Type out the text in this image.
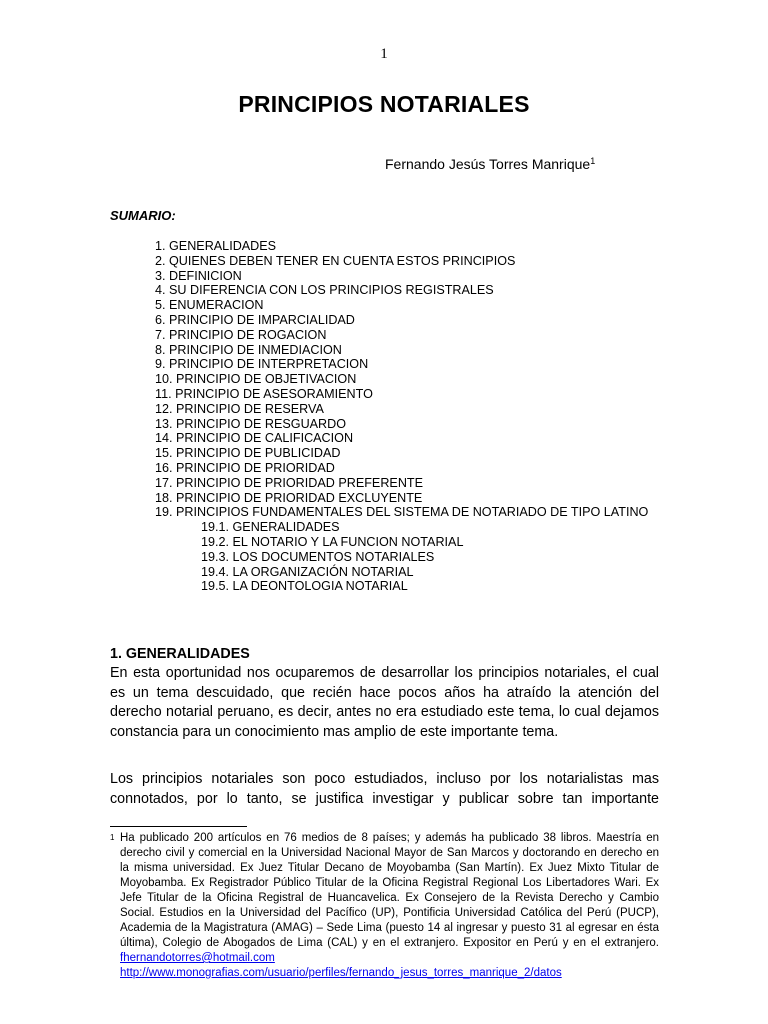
1
PRINCIPIOS NOTARIALES
Fernando Jesús Torres Manrique$^1$
SUMARIO:
1. GENERALIDADES
2. QUIENES DEBEN TENER EN CUENTA ESTOS PRINCIPIOS
3. DEFINICION
4. SU DIFERENCIA CON LOS PRINCIPIOS REGISTRALES
5. ENUMERACION
6. PRINCIPIO DE IMPARCIALIDAD
7. PRINCIPIO DE ROGACION
8. PRINCIPIO DE INMEDIACION
9. PRINCIPIO DE INTERPRETACION
10. PRINCIPIO DE OBJETIVACION
11. PRINCIPIO DE ASESORAMIENTO
12. PRINCIPIO DE RESERVA
13. PRINCIPIO DE RESGUARDO
14. PRINCIPIO DE CALIFICACION
15. PRINCIPIO DE PUBLICIDAD
16. PRINCIPIO DE PRIORIDAD
17. PRINCIPIO DE PRIORIDAD PREFERENTE
18. PRINCIPIO DE PRIORIDAD EXCLUYENTE
19. PRINCIPIOS FUNDAMENTALES DEL SISTEMA DE NOTARIADO DE TIPO LATINO
19.1. GENERALIDADES
19.2. EL NOTARIO Y LA FUNCION NOTARIAL
19.3. LOS DOCUMENTOS NOTARIALES
19.4. LA ORGANIZACIÓN NOTARIAL
19.5. LA DEONTOLOGIA NOTARIAL
1. GENERALIDADES

En esta oportunidad nos ocuparemos de desarrollar los principios notariales, el cual es un tema descuidado, que recién hace pocos años ha atraído la atención del derecho notarial peruano, es decir, antes no era estudiado este tema, lo cual dejamos constancia para un conocimiento mas amplio de este importante tema.

Los principios notariales son poco estudiados, incluso por los notarialistas mas connotados, por lo tanto, se justifica investigar y publicar sobre tan importante

1 Ha publicado 200 artículos en 76 medios de 8 países; y además ha publicado 38 libros. Maestría en derecho civil y comercial en la Universidad Nacional Mayor de San Marcos y doctorando en derecho en la misma universidad. Ex Juez Titular Decano de Moyobamba (San Martín). Ex Juez Mixto Titular de Moyobamba. Ex Registrador Público Titular de la Oficina Registral Regional Los Libertadores Wari. Ex Jefe Titular de la Oficina Registral de Huancavelica. Ex Consejero de la Revista Derecho y Cambio Social. Estudios en la Universidad del Pacífico (UP), Pontificia Universidad Católica del Perú (PUCP), Academia de la Magistratura (AMAG) – Sede Lima (puesto 14 al ingresar y puesto 31 al egresar en ésta última), Colegio de Abogados de Lima (CAL) y en el extranjero. Expositor en Perú y en el extranjero. fhernandotorres@hotmail.com
http://www.monografias.com/usuario/perfiles/fernando_jesus_torres_manrique_2/datos
